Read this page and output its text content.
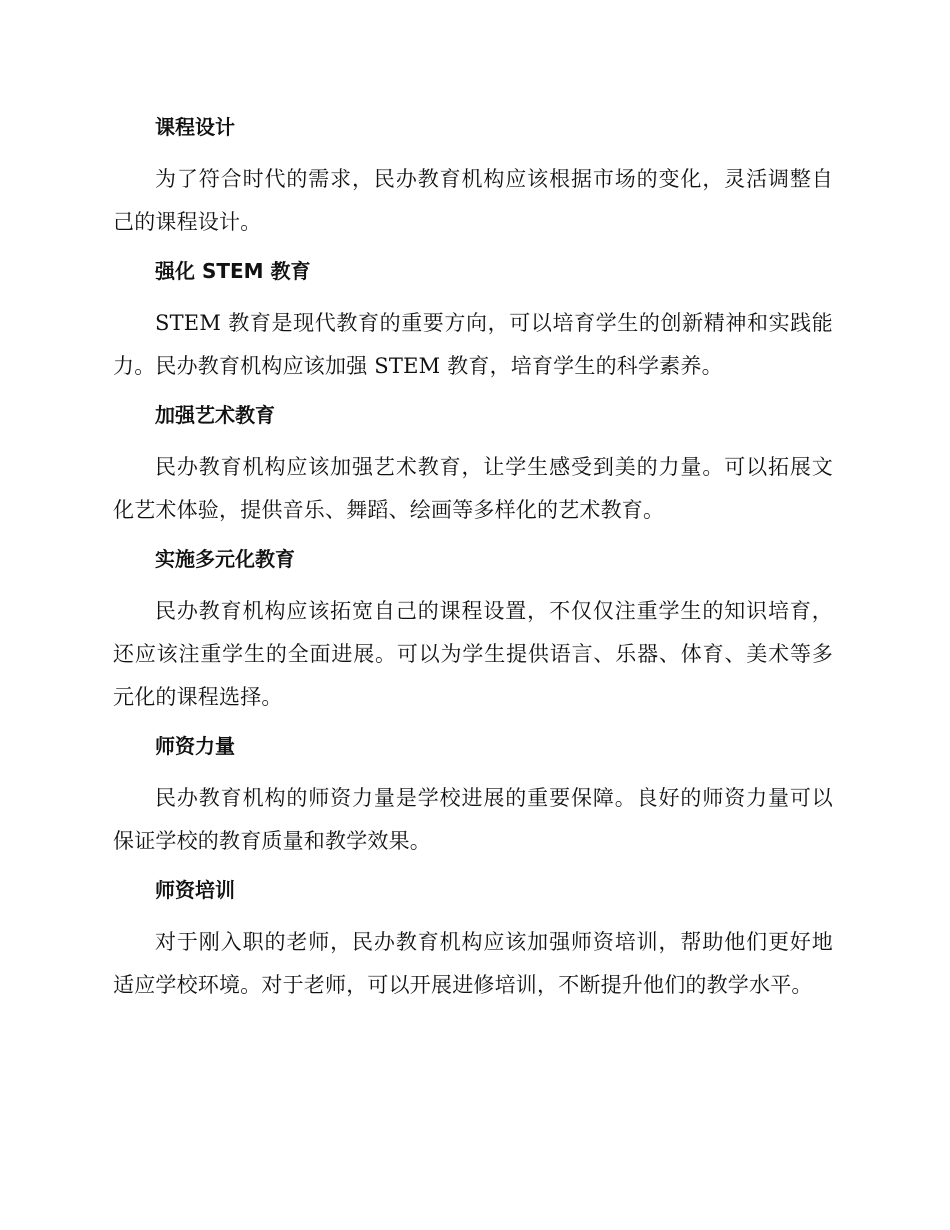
课程设计

为了符合时代的需求，民办教育机构应该根据市场的变化，灵活调整自己的课程设计。

强化 STEM 教育

STEM 教育是现代教育的重要方向，可以培育学生的创新精神和实践能力。民办教育机构应该加强 STEM 教育，培育学生的科学素养。

加强艺术教育

民办教育机构应该加强艺术教育，让学生感受到美的力量。可以拓展文化艺术体验，提供音乐、舞蹈、绘画等多样化的艺术教育。

实施多元化教育

民办教育机构应该拓宽自己的课程设置，不仅仅注重学生的知识培育，还应该注重学生的全面进展。可以为学生提供语言、乐器、体育、美术等多元化的课程选择。

师资力量

民办教育机构的师资力量是学校进展的重要保障。良好的师资力量可以保证学校的教育质量和教学效果。

师资培训

对于刚入职的老师，民办教育机构应该加强师资培训，帮助他们更好地适应学校环境。对于老师，可以开展进修培训，不断提升他们的教学水平。
